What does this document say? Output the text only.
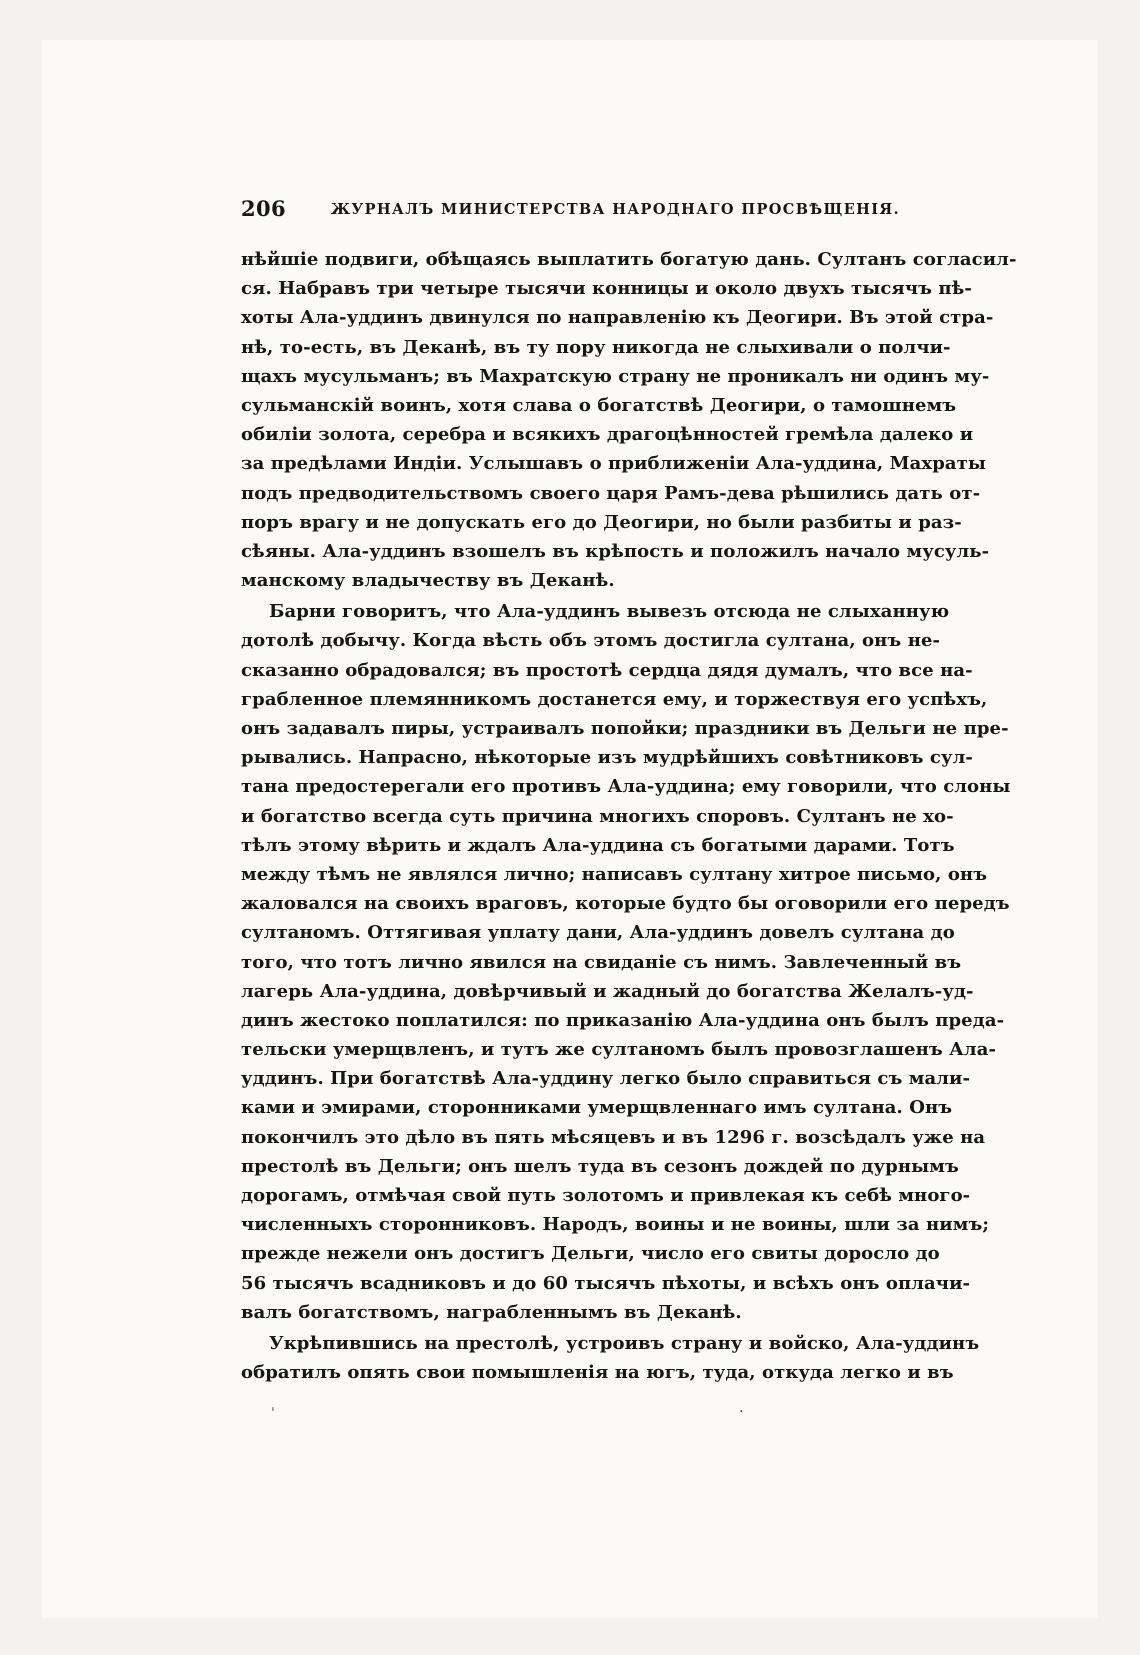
206	ЖУРНАЛЪ МИНИСТЕРСТВА НАРОДНАГО ПРОСВѢЩЕНІЯ.
нѣйшіе подвиги, обѣщаясь выплатить богатую дань. Султанъ согласил-
ся. Набравъ три четыре тысячи конницы и около двухъ тысячъ пѣ-
хоты Ала-уддинъ двинулся по направленію къ Деогири. Въ этой стра-
нѣ, то-есть, въ Деканѣ, въ ту пору никогда не слыхивали о полчи-
щахъ мусульманъ; въ Махратскую страну не проникалъ ни одинъ му-
сульманскій воинъ, хотя слава о богатствѣ Деогири, о тамошнемъ
обиліи золота, серебра и всякихъ драгоцѣнностей гремѣла далеко и
за предѣлами Индіи. Услышавъ о приближеніи Ала-уддина, Махраты
подъ предводительствомъ своего царя Рамъ-дева рѣшились дать от-
поръ врагу и не допускать его до Деогири, но были разбиты и раз-
сѣяны. Ала-уддинъ взошелъ въ крѣпость и положилъ начало мусуль-
манскому владычеству въ Деканѣ.
Барни говоритъ, что Ала-уддинъ вывезъ отсюда не слыханную
дотолѣ добычу. Когда вѣсть объ этомъ достигла султана, онъ не-
сказанно обрадовался; въ простотѣ сердца дядя думалъ, что все на-
грабленное племянникомъ достанется ему, и торжествуя его успѣхъ,
онъ задавалъ пиры, устраивалъ попойки; праздники въ Дельги не пре-
рывались. Напрасно, нѣкоторые изъ мудрѣйшихъ совѣтниковъ сул-
тана предостерегали его противъ Ала-уддина; ему говорили, что слоны
и богатство всегда суть причина многихъ споровъ. Султанъ не хо-
тѣлъ этому вѣрить и ждалъ Ала-уддина съ богатыми дарами. Тотъ
между тѣмъ не являлся лично; написавъ султану хитрое письмо, онъ
жаловался на своихъ враговъ, которые будто бы оговорили его передъ
султаномъ. Оттягивая уплату дани, Ала-уддинъ довелъ султана до
того, что тотъ лично явился на свиданіе съ нимъ. Завлеченный въ
лагерь Ала-уддина, довѣрчивый и жадный до богатства Желалъ-уд-
динъ жестоко поплатился: по приказанію Ала-уддина онъ былъ преда-
тельски умерщвленъ, и тутъ же султаномъ былъ провозглашенъ Ала-
уддинъ. При богатствѣ Ала-уддину легко было справиться съ мали-
ками и эмирами, сторонниками умерщвленнаго имъ султана. Онъ
покончилъ это дѣло въ пять мѣсяцевъ и въ 1296 г. возсѣдалъ уже на
престолѣ въ Дельги; онъ шелъ туда въ сезонъ дождей по дурнымъ
дорогамъ, отмѣчая свой путь золотомъ и привлекая къ себѣ много-
численныхъ сторонниковъ. Народъ, воины и не воины, шли за нимъ;
прежде нежели онъ достигъ Дельги, число его свиты доросло до
56 тысячъ всадниковъ и до 60 тысячъ пѣхоты, и всѣхъ онъ оплачи-
валъ богатствомъ, награбленнымъ въ Деканѣ.
Укрѣпившись на престолѣ, устроивъ страну и войско, Ала-уддинъ
обратилъ опять свои помышленія на югъ, туда, откуда легко и въ
ˌ	·
